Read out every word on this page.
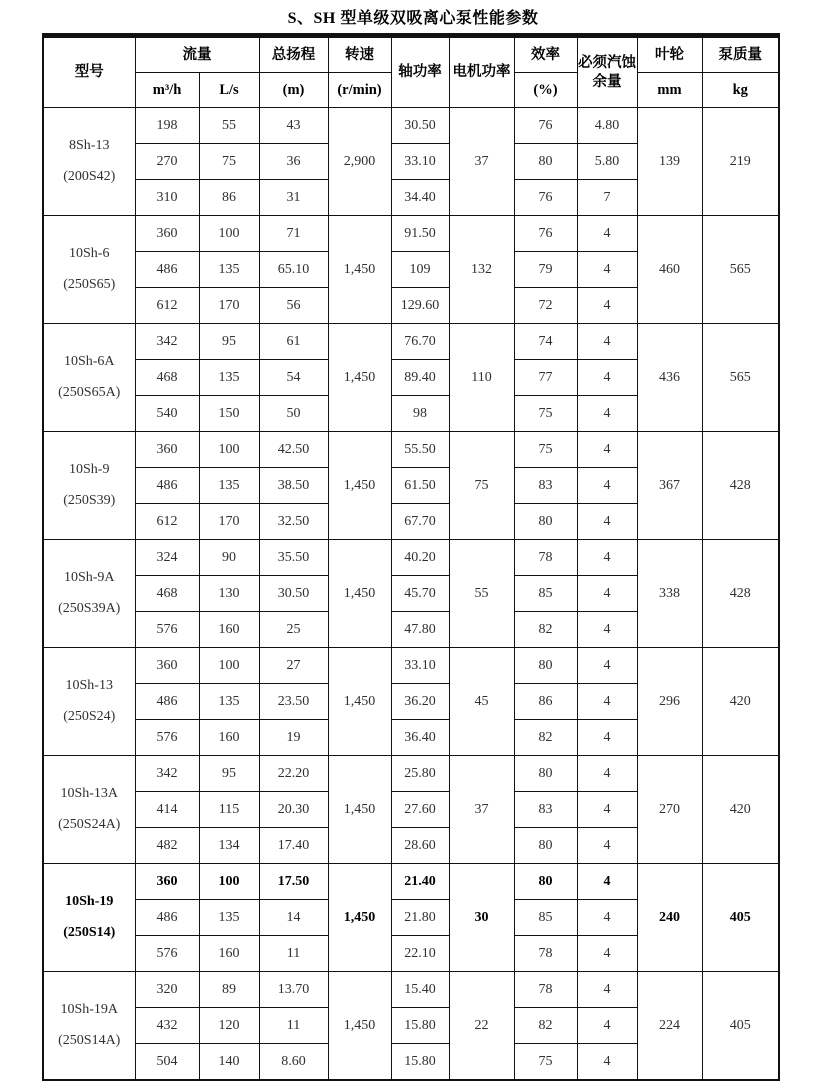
S、SH 型单级双吸离心泵性能参数
型号	流量		总扬程	转速	轴功率	电机功率	效率	必须汽蚀余量	叶轮	泵质量
	m³/h	L/s	(m)	(r/min)			(%)		mm	kg

8Sh-13
(200S42)	198	55	43	2,900	30.50	37	76	4.80	139	219
	270	75	36		33.10		80	5.80		
	310	86	31		34.40		76	7		

10Sh-6
(250S65)	360	100	71	1,450	91.50	132	76	4	460	565
	486	135	65.10		109		79	4		
	612	170	56		129.60		72	4		

10Sh-6A
(250S65A)	342	95	61	1,450	76.70	110	74	4	436	565
	468	135	54		89.40		77	4		
	540	150	50		98		75	4		

10Sh-9
(250S39)	360	100	42.50	1,450	55.50	75	75	4	367	428
	486	135	38.50		61.50		83	4		
	612	170	32.50		67.70		80	4		

10Sh-9A
(250S39A)	324	90	35.50	1,450	40.20	55	78	4	338	428
	468	130	30.50		45.70		85	4		
	576	160	25		47.80		82	4		

10Sh-13
(250S24)	360	100	27	1,450	33.10	45	80	4	296	420
	486	135	23.50		36.20		86	4		
	576	160	19		36.40		82	4		

10Sh-13A
(250S24A)	342	95	22.20	1,450	25.80	37	80	4	270	420
	414	115	20.30		27.60		83	4		
	482	134	17.40		28.60		80	4		

10Sh-19
(250S14)	360	100	17.50	1,450	21.40	30	80	4	240	405
	486	135	14		21.80		85	4		
	576	160	11		22.10		78	4		

10Sh-19A
(250S14A)	320	89	13.70	1,450	15.40	22	78	4	224	405
	432	120	11		15.80		82	4		
	504	140	8.60		15.80		75	4		
